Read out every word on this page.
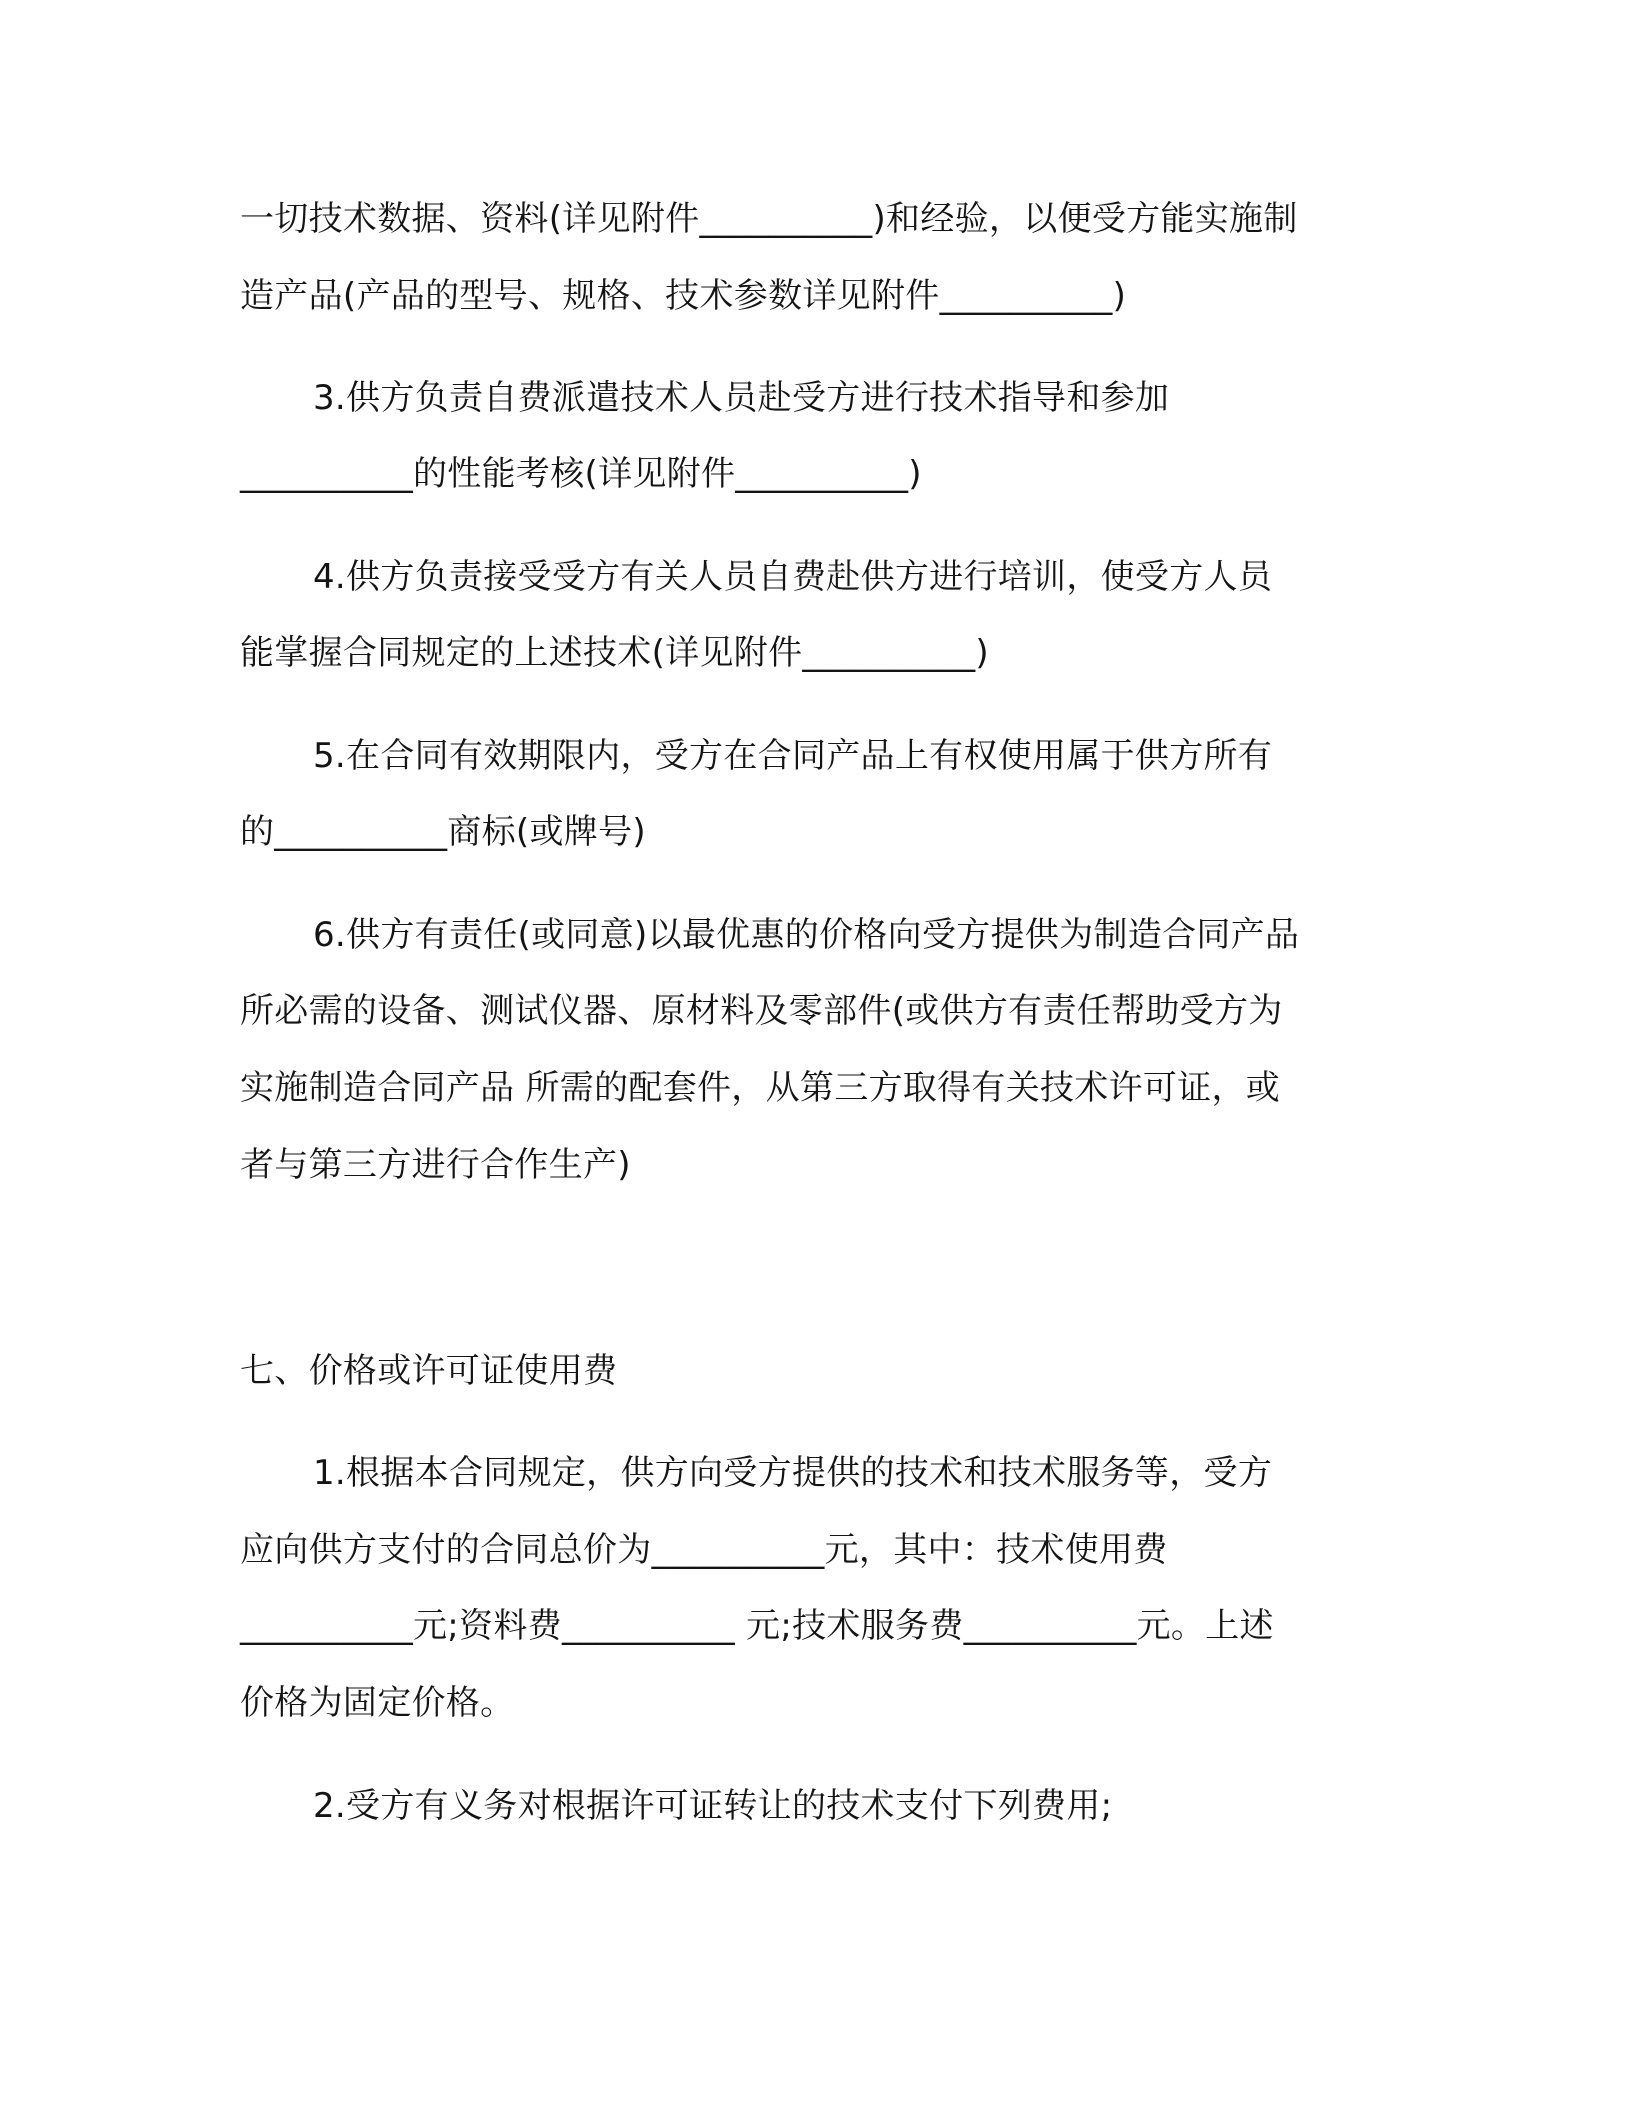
一切技术数据、资料(详见附件__________)和经验，以便受方能实施制

造产品(产品的型号、规格、技术参数详见附件__________)

3.供方负责自费派遣技术人员赴受方进行技术指导和参加

__________的性能考核(详见附件__________)

4.供方负责接受受方有关人员自费赴供方进行培训，使受方人员

能掌握合同规定的上述技术(详见附件__________)

5.在合同有效期限内，受方在合同产品上有权使用属于供方所有

的__________商标(或牌号)

6.供方有责任(或同意)以最优惠的价格向受方提供为制造合同产品

所必需的设备、测试仪器、原材料及零部件(或供方有责任帮助受方为

实施制造合同产品 所需的配套件，从第三方取得有关技术许可证，或

者与第三方进行合作生产)

七、价格或许可证使用费

1.根据本合同规定，供方向受方提供的技术和技术服务等，受方

应向供方支付的合同总价为__________元，其中：技术使用费

__________元;资料费__________ 元;技术服务费__________元。上述

价格为固定价格。

2.受方有义务对根据许可证转让的技术支付下列费用;
